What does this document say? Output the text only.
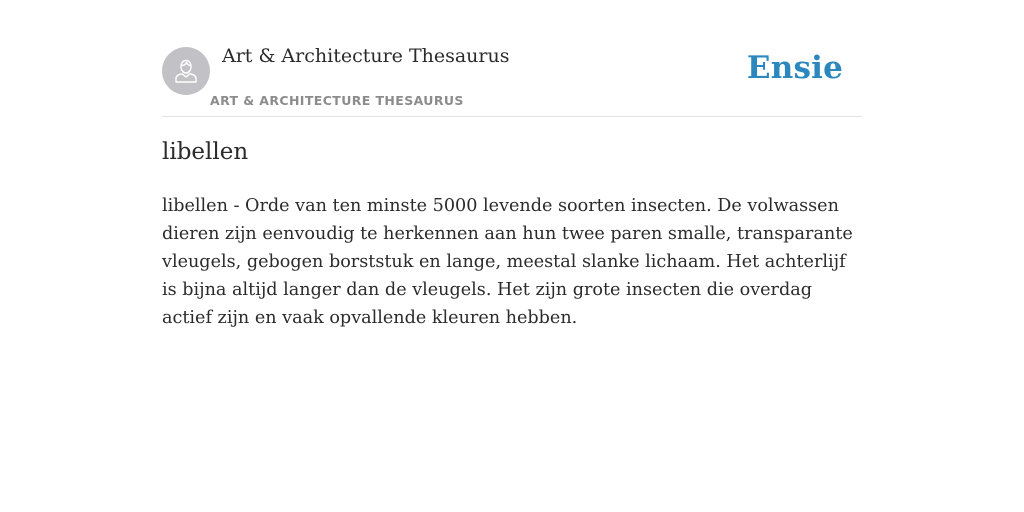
Art & Architecture Thesaurus
ART & ARCHITECTURE THESAURUS
Ensie
libellen

libellen - Orde van ten minste 5000 levende soorten insecten. De volwassen dieren zijn eenvoudig te herkennen aan hun twee paren smalle, transparante vleugels, gebogen borststuk en lange, meestal slanke lichaam. Het achterlijf is bijna altijd langer dan de vleugels. Het zijn grote insecten die overdag actief zijn en vaak opvallende kleuren hebben.
